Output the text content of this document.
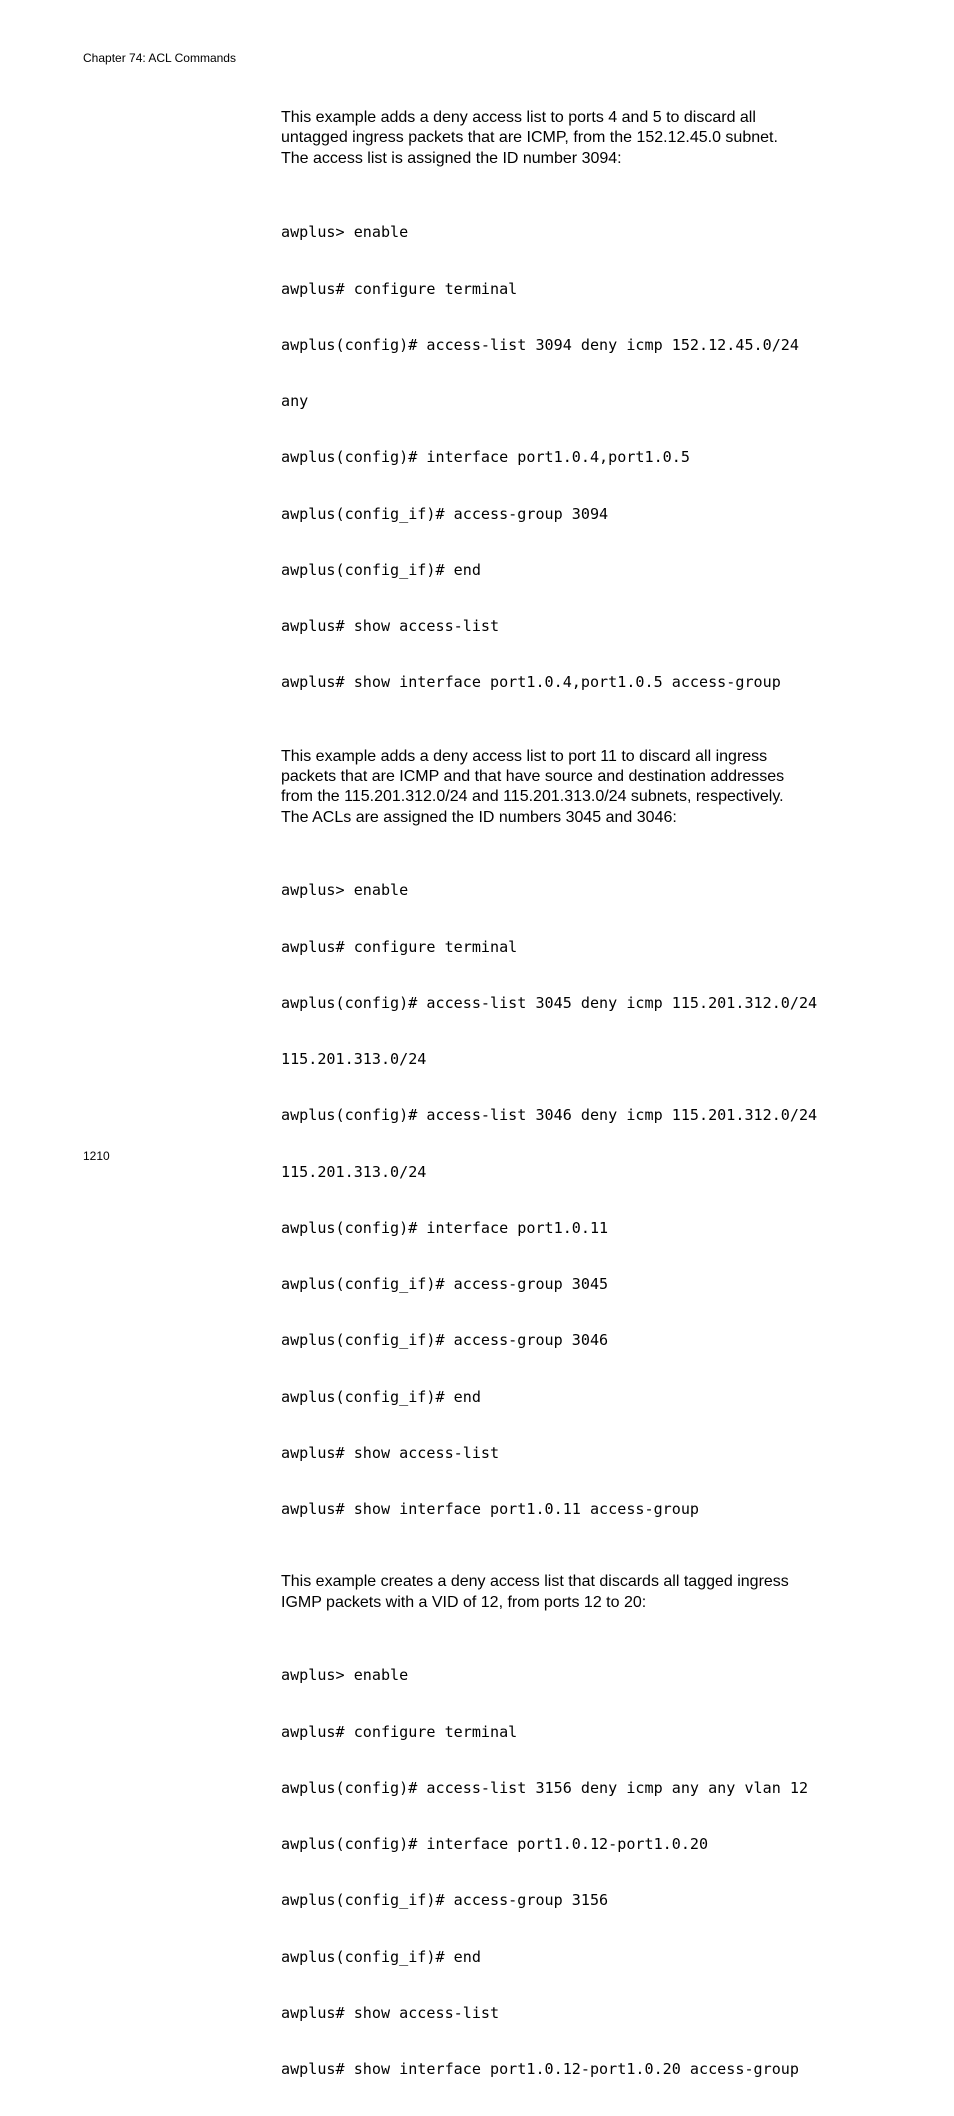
Chapter 74: ACL Commands

This example adds a deny access list to ports 4 and 5 to discard all
untagged ingress packets that are ICMP, from the 152.12.45.0 subnet.
The access list is assigned the ID number 3094:

awplus> enable

awplus# configure terminal

awplus(config)# access-list 3094 deny icmp 152.12.45.0/24

any

awplus(config)# interface port1.0.4,port1.0.5

awplus(config_if)# access-group 3094

awplus(config_if)# end

awplus# show access-list

awplus# show interface port1.0.4,port1.0.5 access-group

This example adds a deny access list to port 11 to discard all ingress
packets that are ICMP and that have source and destination addresses
from the 115.201.312.0/24 and 115.201.313.0/24 subnets, respectively.
The ACLs are assigned the ID numbers 3045 and 3046:

awplus> enable

awplus# configure terminal

awplus(config)# access-list 3045 deny icmp 115.201.312.0/24

115.201.313.0/24

awplus(config)# access-list 3046 deny icmp 115.201.312.0/24

115.201.313.0/24

awplus(config)# interface port1.0.11

awplus(config_if)# access-group 3045

awplus(config_if)# access-group 3046

awplus(config_if)# end

awplus# show access-list

awplus# show interface port1.0.11 access-group

This example creates a deny access list that discards all tagged ingress
IGMP packets with a VID of 12, from ports 12 to 20:

awplus> enable

awplus# configure terminal

awplus(config)# access-list 3156 deny icmp any any vlan 12

awplus(config)# interface port1.0.12-port1.0.20

awplus(config_if)# access-group 3156

awplus(config_if)# end

awplus# show access-list

awplus# show interface port1.0.12-port1.0.20 access-group

1210
